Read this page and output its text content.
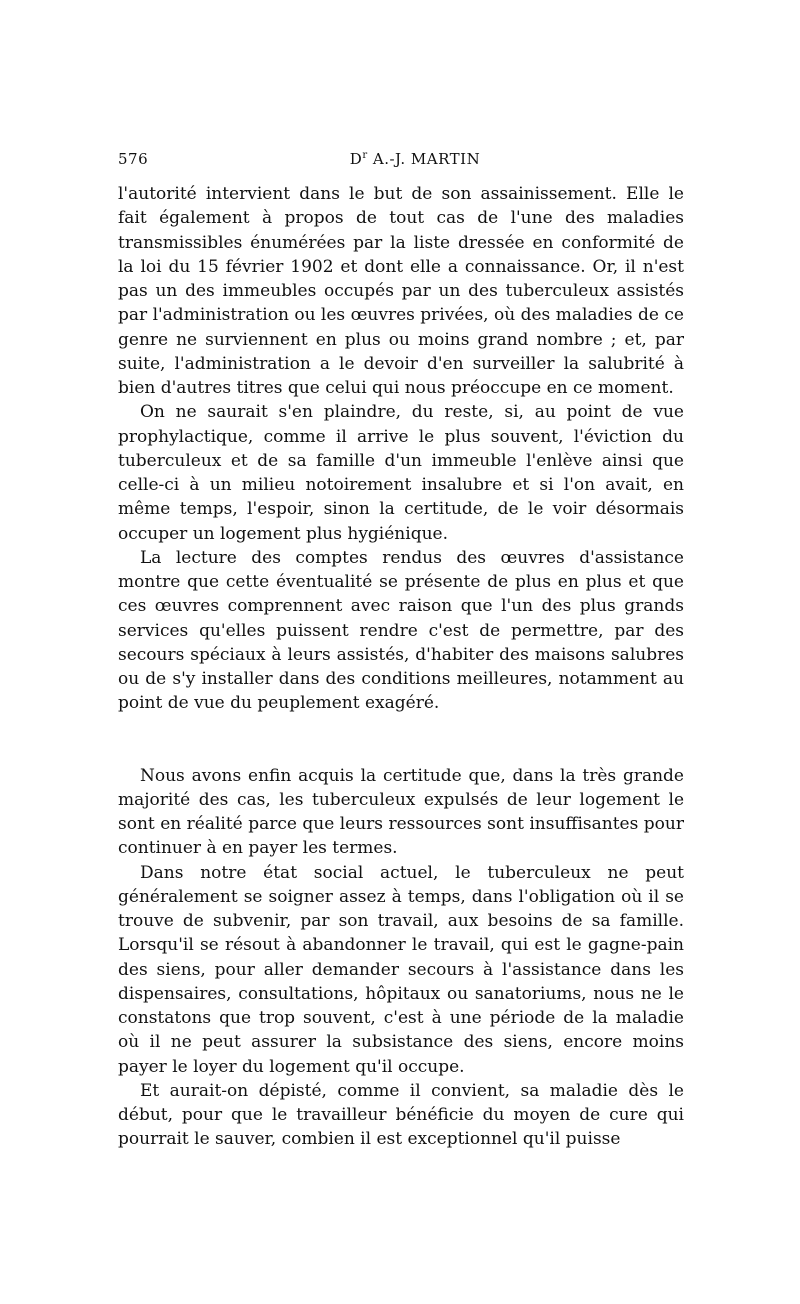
576	$D^r$ A.-J. MARTIN

l'autorité intervient dans le but de son assainissement. Elle le fait également à propos de tout cas de l'une des maladies transmissibles énumérées par la liste dressée en conformité de la loi du 15 février 1902 et dont elle a connaissance. Or, il n'est pas un des immeubles occupés par un des tuberculeux assistés par l'administration ou les œuvres privées, où des maladies de ce genre ne surviennent en plus ou moins grand nombre ; et, par suite, l'administration a le devoir d'en surveiller la salubrité à bien d'autres titres que celui qui nous préoccupe en ce moment.

On ne saurait s'en plaindre, du reste, si, au point de vue prophylactique, comme il arrive le plus souvent, l'éviction du tuberculeux et de sa famille d'un immeuble l'enlève ainsi que celle-ci à un milieu notoirement insalubre et si l'on avait, en même temps, l'espoir, sinon la certitude, de le voir désormais occuper un logement plus hygiénique.

La lecture des comptes rendus des œuvres d'assistance montre que cette éventualité se présente de plus en plus et que ces œuvres comprennent avec raison que l'un des plus grands services qu'elles puissent rendre c'est de permettre, par des secours spéciaux à leurs assistés, d'habiter des maisons salubres ou de s'y installer dans des conditions meilleures, notamment au point de vue du peuplement exagéré.

Nous avons enfin acquis la certitude que, dans la très grande majorité des cas, les tuberculeux expulsés de leur logement le sont en réalité parce que leurs ressources sont insuffisantes pour continuer à en payer les termes.

Dans notre état social actuel, le tuberculeux ne peut généralement se soigner assez à temps, dans l'obligation où il se trouve de subvenir, par son travail, aux besoins de sa famille. Lorsqu'il se résout à abandonner le travail, qui est le gagne-pain des siens, pour aller demander secours à l'assistance dans les dispensaires, consultations, hôpitaux ou sanatoriums, nous ne le constatons que trop souvent, c'est à une période de la maladie où il ne peut assurer la subsistance des siens, encore moins payer le loyer du logement qu'il occupe.

Et aurait-on dépisté, comme il convient, sa maladie dès le début, pour que le travailleur bénéficie du moyen de cure qui pourrait le sauver, combien il est exceptionnel qu'il puisse
